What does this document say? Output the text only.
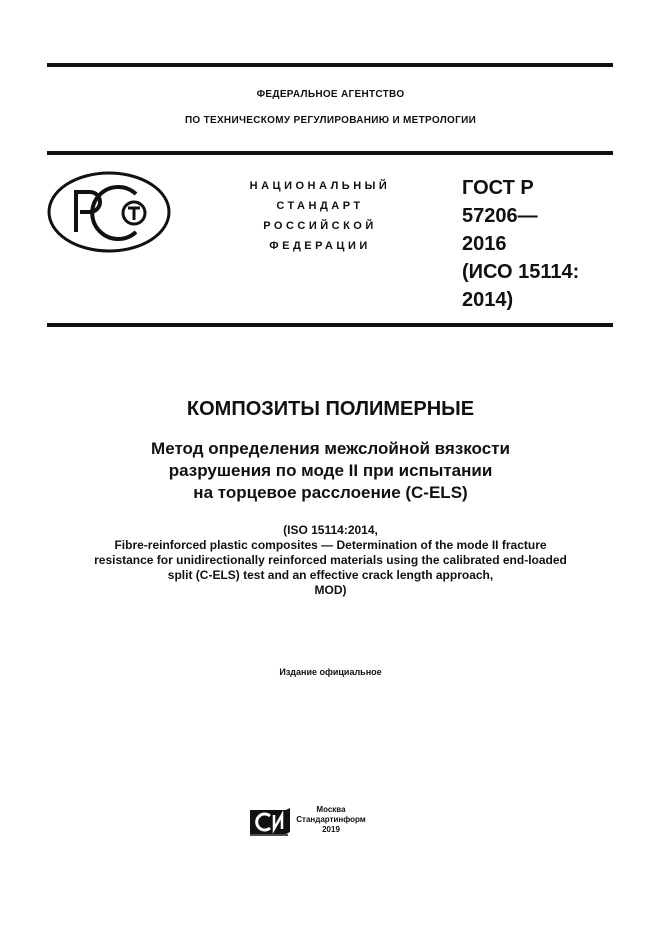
ФЕДЕРАЛЬНОЕ АГЕНТСТВО
ПО ТЕХНИЧЕСКОМУ РЕГУЛИРОВАНИЮ И МЕТРОЛОГИИ
НАЦИОНАЛЬНЫЙ
СТАНДАРТ
РОССИЙСКОЙ
ФЕДЕРАЦИИ
ГОСТ Р
57206—
2016
(ИСО 15114:
2014)
КОМПОЗИТЫ ПОЛИМЕРНЫЕ
Метод определения межслойной вязкости
разрушения по моде II при испытании
на торцевое расслоение (C-ELS)
(ISO 15114:2014,
Fibre-reinforced plastic composites — Determination of the mode II fracture
resistance for unidirectionally reinforced materials using the calibrated end-loaded
split (C-ELS) test and an effective crack length approach,
MOD)
Издание официальное
Москва
Стандартинформ
2019
